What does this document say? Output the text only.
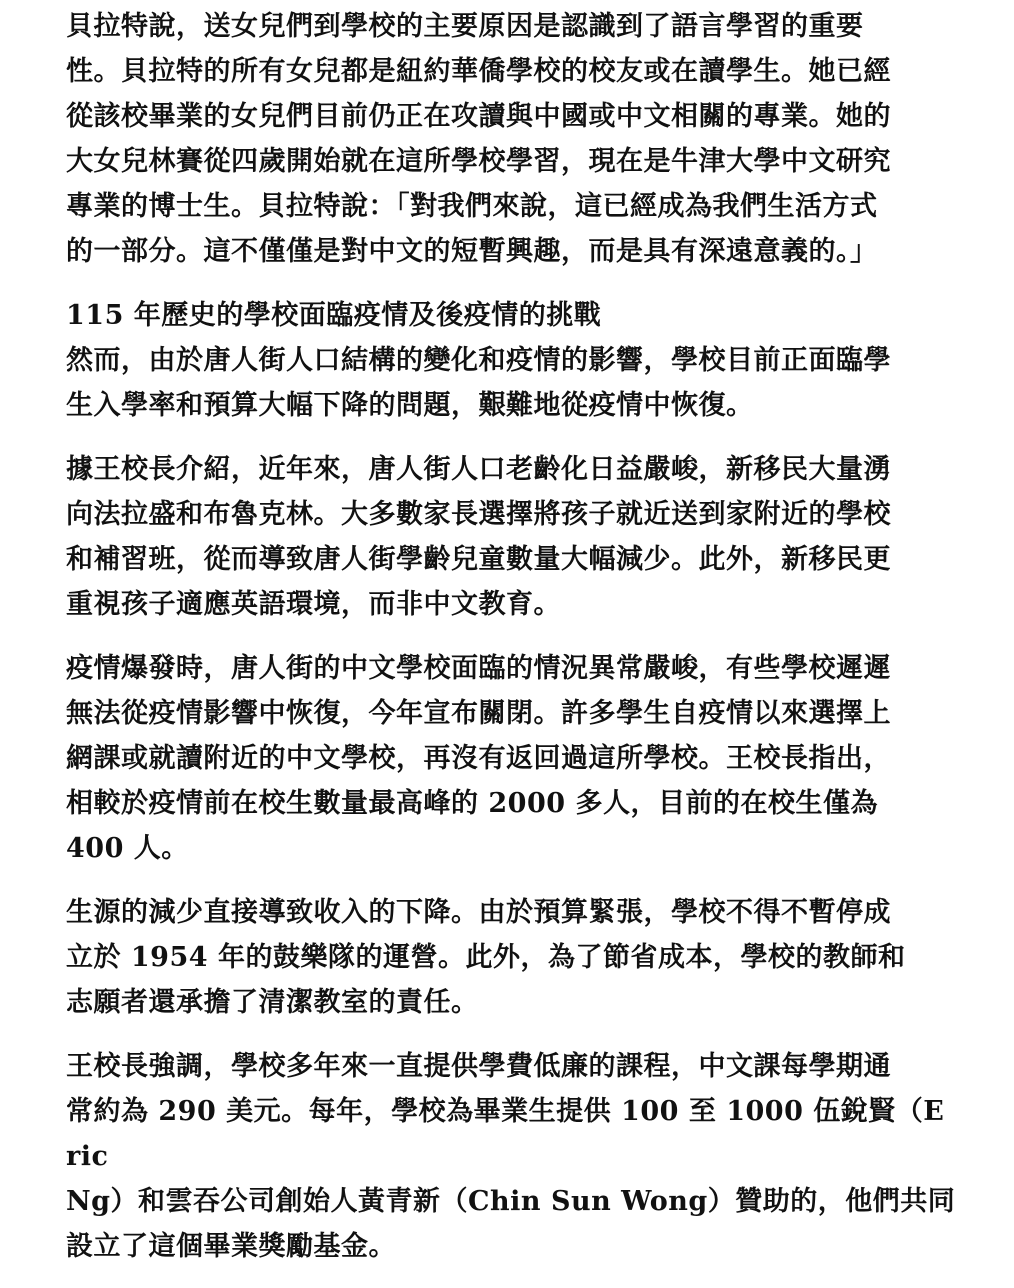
貝拉特說，送女兒們到學校的主要原因是認識到了語言學習的重要
性。貝拉特的所有女兒都是紐約華僑學校的校友或在讀學生。她已經
從該校畢業的女兒們目前仍正在攻讀與中國或中文相關的專業。她的
大女兒林賽從四歲開始就在這所學校學習，現在是牛津大學中文研究
專業的博士生。貝拉特說：「對我們來說，這已經成為我們生活方式
的一部分。這不僅僅是對中文的短暫興趣，而是具有深遠意義的。」

115 年歷史的學校面臨疫情及後疫情的挑戰

然而，由於唐人街人口結構的變化和疫情的影響，學校目前正面臨學
生入學率和預算大幅下降的問題，艱難地從疫情中恢復。

據王校長介紹，近年來，唐人街人口老齡化日益嚴峻，新移民大量湧
向法拉盛和布魯克林。大多數家長選擇將孩子就近送到家附近的學校
和補習班，從而導致唐人街學齡兒童數量大幅減少。此外，新移民更
重視孩子適應英語環境，而非中文教育。

疫情爆發時，唐人街的中文學校面臨的情況異常嚴峻，有些學校遲遲
無法從疫情影響中恢復，今年宣布關閉。許多學生自疫情以來選擇上
網課或就讀附近的中文學校，再沒有返回過這所學校。王校長指出，
相較於疫情前在校生數量最高峰的 2000 多人，目前的在校生僅為
400 人。

生源的減少直接導致收入的下降。由於預算緊張，學校不得不暫停成
立於 1954 年的鼓樂隊的運營。此外，為了節省成本，學校的教師和
志願者還承擔了清潔教室的責任。

王校長強調，學校多年來一直提供學費低廉的課程，中文課每學期通
常約為 290 美元。每年，學校為畢業生提供 100 至 1000 伍銳賢（Eric
Ng）和雲吞公司創始人黃青新（Chin Sun Wong）贊助的，他們共同
設立了這個畢業獎勵基金。
